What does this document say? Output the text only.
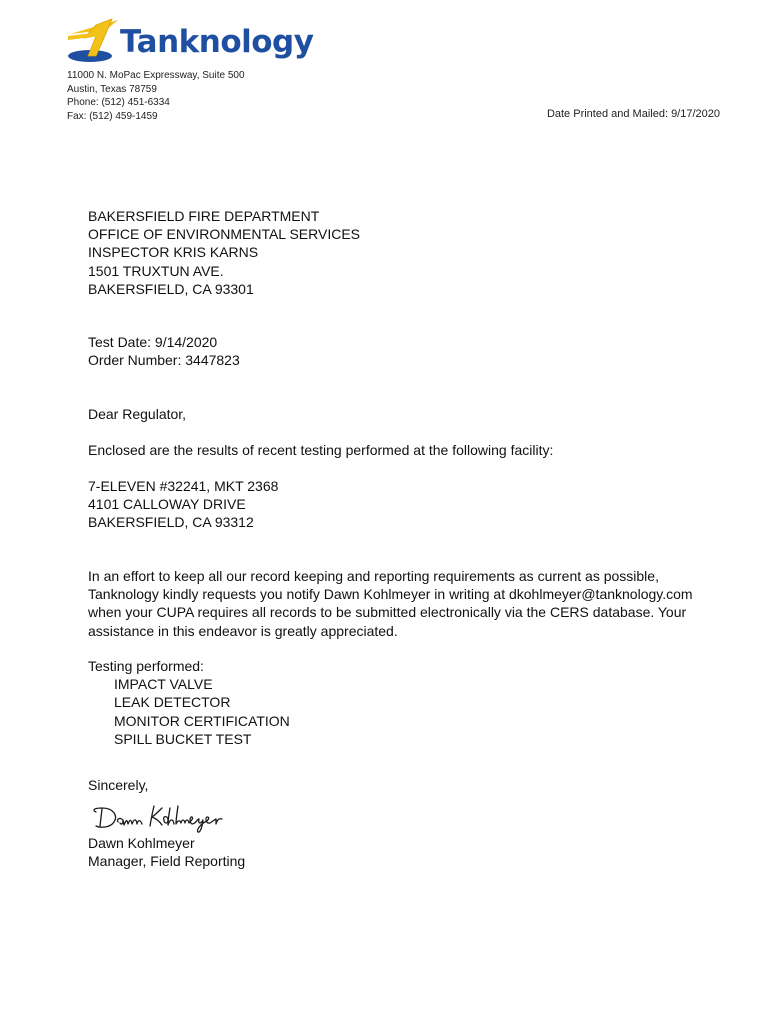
Tanknology
11000 N. MoPac Expressway, Suite 500
Austin, Texas 78759
Phone: (512) 451-6334
Fax: (512) 459-1459	Date Printed and Mailed: 9/17/2020
BAKERSFIELD FIRE DEPARTMENT
OFFICE OF ENVIRONMENTAL SERVICES
INSPECTOR KRIS KARNS
1501 TRUXTUN AVE.
BAKERSFIELD, CA 93301
Test Date: 9/14/2020
Order Number: 3447823
Dear Regulator,
Enclosed are the results of recent testing performed at the following facility:
7-ELEVEN #32241, MKT 2368
4101 CALLOWAY DRIVE
BAKERSFIELD, CA 93312
In an effort to keep all our record keeping and reporting requirements as current as possible,
Tanknology kindly requests you notify Dawn Kohlmeyer in writing at dkohlmeyer@tanknology.com
when your CUPA requires all records to be submitted electronically via the CERS database. Your
assistance in this endeavor is greatly appreciated.
Testing performed:
IMPACT VALVE
LEAK DETECTOR
MONITOR CERTIFICATION
SPILL BUCKET TEST
Sincerely,
Dawn Kohlmeyer
Manager, Field Reporting
